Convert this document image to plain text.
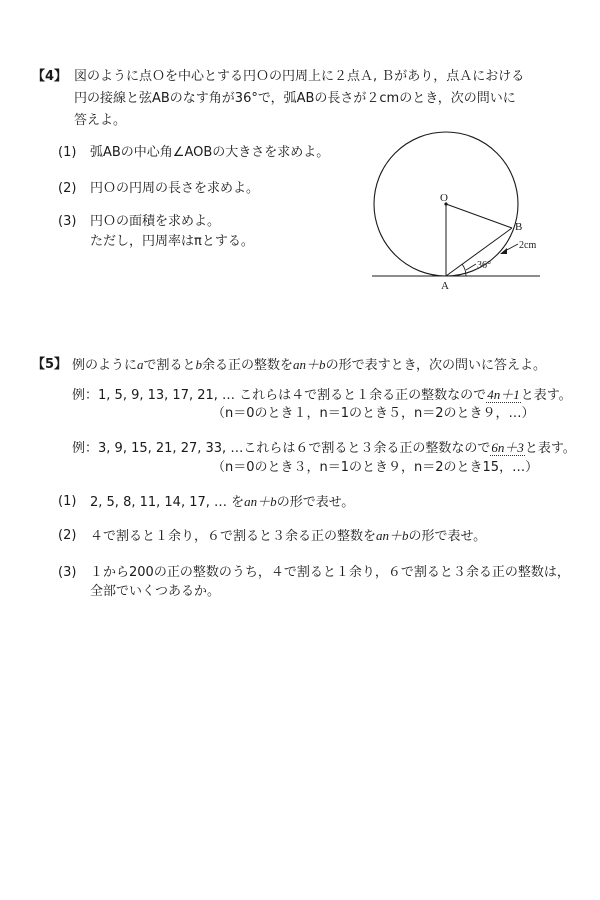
【4】 図のように点Ｏを中心とする円Ｏの円周上に２点Ａ, Ｂがあり，点Ａにおける
円の接線と弦ABのなす角が36°で，弧ABの長さが２cmのとき，次の問いに
答えよ。
(1) 弧ABの中心角∠AOBの大きさを求めよ。
(2) 円Ｏの円周の長さを求めよ。
(3) 円Ｏの面積を求めよ。
ただし，円周率はπとする。
O
A
B
2cm
36°
【5】 例のようにaで割るとb余る正の整数をan＋bの形で表すとき，次の問いに答えよ。
例：1, 5, 9, 13, 17, 21, … これらは４で割ると１余る正の整数なので4n＋1と表す。
（n＝0のとき１，n＝1のとき５，n＝2のとき９，…）
例：3, 9, 15, 21, 27, 33, …これらは６で割ると３余る正の整数なので6n＋3と表す。
（n＝0のとき３，n＝1のとき９，n＝2のとき15，…）
(1) 2, 5, 8, 11, 14, 17, … をan＋bの形で表せ。
(2) ４で割ると１余り，６で割ると３余る正の整数をan＋bの形で表せ。
(3) １から200の正の整数のうち，４で割ると１余り，６で割ると３余る正の整数は，
全部でいくつあるか。
